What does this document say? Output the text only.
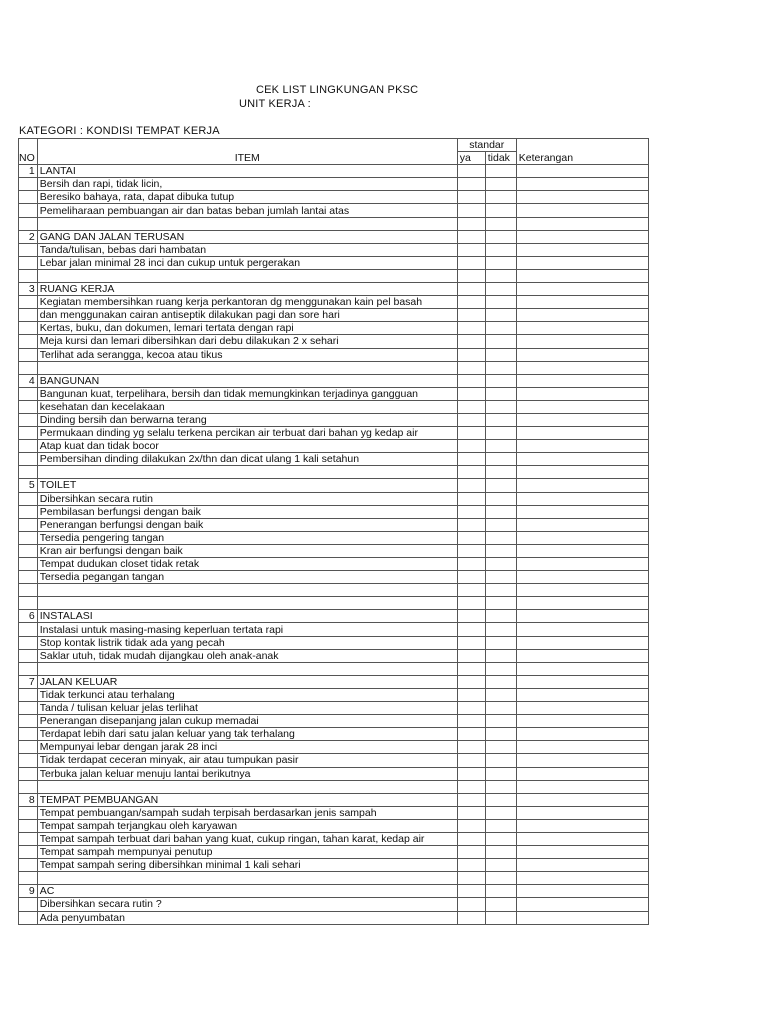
CEK LIST LINGKUNGAN PKSC
UNIT KERJA :
KATEGORI : KONDISI TEMPAT KERJA
		standar		
NO	ITEM	ya	tidak	Keterangan
1	LANTAI			
	Bersih dan rapi, tidak licin,			
	Beresiko bahaya, rata, dapat dibuka tutup			
	Pemeliharaan pembuangan air dan batas beban jumlah lantai atas			

2	GANG DAN JALAN TERUSAN			
	Tanda/tulisan, bebas dari hambatan			
	Lebar jalan minimal 28 inci dan cukup untuk pergerakan			

3	RUANG KERJA			
	Kegiatan membersihkan ruang kerja perkantoran dg menggunakan kain pel basah			
	dan menggunakan cairan antiseptik dilakukan pagi dan sore hari			
	Kertas, buku, dan dokumen, lemari tertata dengan rapi			
	Meja kursi dan lemari dibersihkan dari debu dilakukan 2 x sehari			
	Terlihat ada serangga, kecoa atau tikus			

4	BANGUNAN			
	Bangunan kuat, terpelihara, bersih dan tidak memungkinkan terjadinya gangguan			
	kesehatan dan kecelakaan			
	Dinding bersih dan berwarna terang			
	Permukaan dinding yg selalu terkena percikan air terbuat dari bahan yg kedap air			
	Atap kuat dan tidak bocor			
	Pembersihan dinding dilakukan 2x/thn dan dicat ulang 1 kali setahun			

5	TOILET			
	Dibersihkan secara rutin			
	Pembilasan berfungsi dengan baik			
	Penerangan berfungsi dengan baik			
	Tersedia pengering tangan			
	Kran air berfungsi dengan baik			
	Tempat dudukan closet tidak retak			
	Tersedia pegangan tangan			

6	INSTALASI			
	Instalasi untuk masing-masing keperluan tertata rapi			
	Stop kontak listrik tidak ada yang pecah			
	Saklar utuh, tidak mudah dijangkau oleh anak-anak			

7	JALAN KELUAR			
	Tidak terkunci atau terhalang			
	Tanda / tulisan keluar jelas terlihat			
	Penerangan disepanjang jalan cukup memadai			
	Terdapat lebih dari satu jalan keluar yang tak terhalang			
	Mempunyai lebar dengan jarak 28 inci			
	Tidak terdapat ceceran minyak, air atau tumpukan pasir			
	Terbuka jalan keluar menuju lantai berikutnya			

8	TEMPAT PEMBUANGAN			
	Tempat pembuangan/sampah sudah terpisah berdasarkan jenis sampah			
	Tempat sampah terjangkau oleh karyawan			
	Tempat sampah terbuat dari bahan yang kuat, cukup ringan, tahan karat, kedap air			
	Tempat sampah mempunyai penutup			
	Tempat sampah sering dibersihkan minimal 1 kali sehari			

9	AC			
	Dibersihkan secara rutin ?			
	Ada penyumbatan			
